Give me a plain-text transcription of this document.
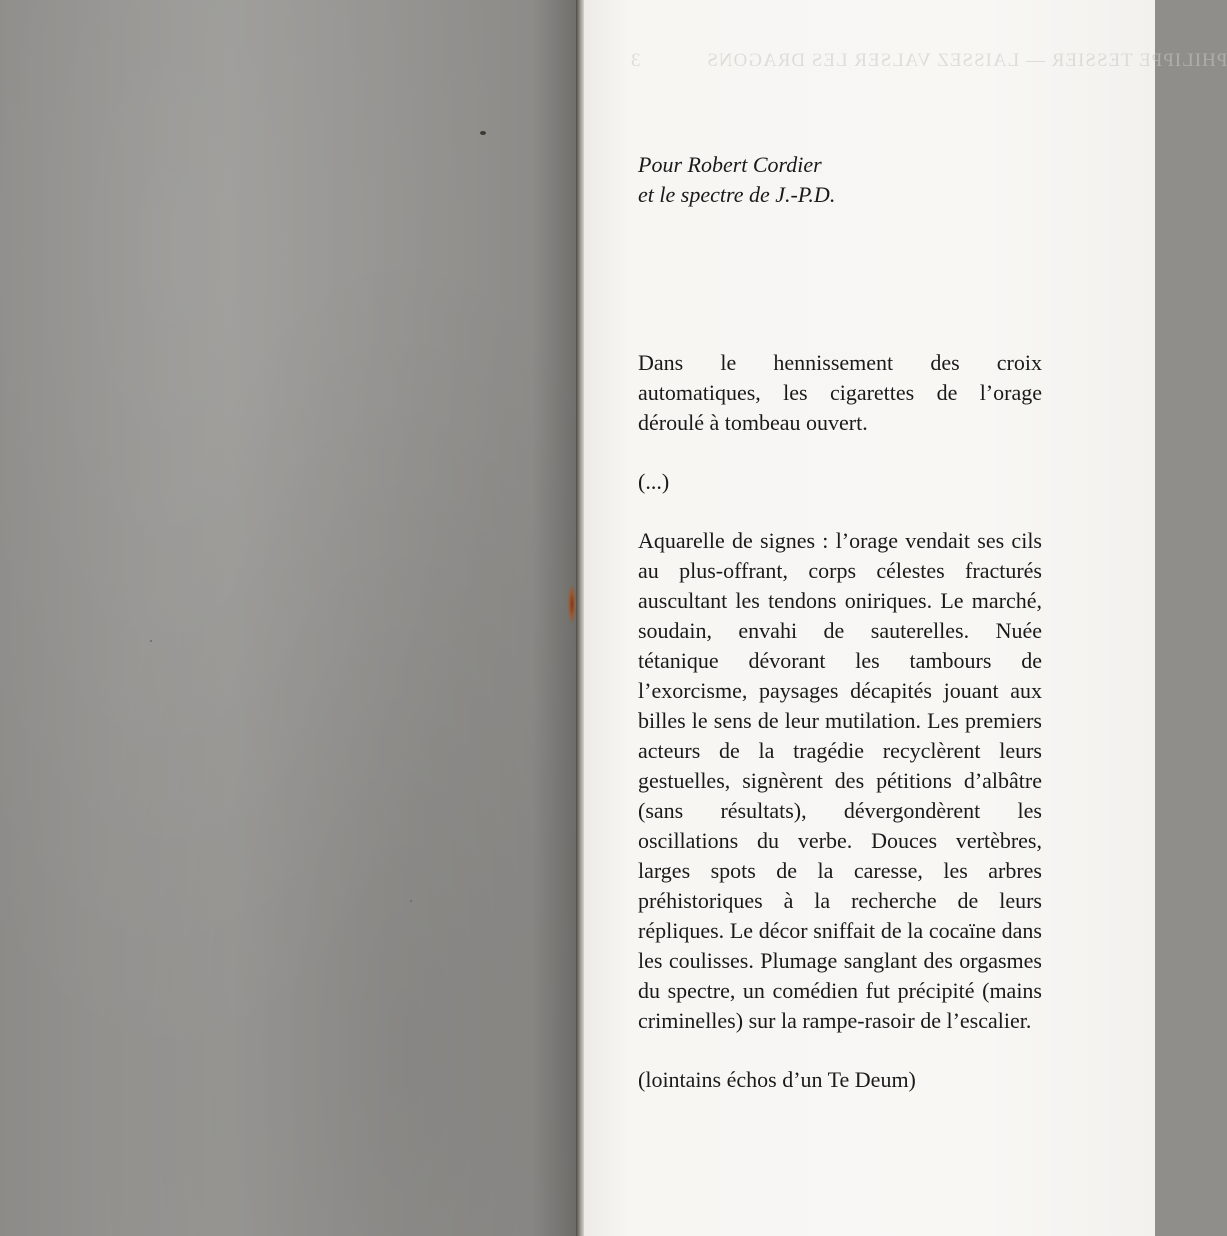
PHILIPPE TESSIER — LAISSEZ VALSER LES DRAGONS 3

Pour Robert Cordier
et le spectre de J.-P.D.

Dans le hennissement des croix automatiques, les cigarettes de l’orage déroulé à tombeau ouvert.

(...)

Aquarelle de signes : l’orage vendait ses cils au plus-offrant, corps célestes fracturés auscultant les tendons oniriques. Le marché, soudain, envahi de sauterelles. Nuée tétanique dévorant les tambours de l’exorcisme, paysages décapités jouant aux billes le sens de leur mutilation. Les premiers acteurs de la tragédie recyclèrent leurs gestuelles, signèrent des pétitions d’albâtre (sans résultats), dévergondèrent les oscillations du verbe. Douces vertèbres, larges spots de la caresse, les arbres préhistoriques à la recherche de leurs répliques. Le décor sniffait de la cocaïne dans les coulisses. Plumage sanglant des orgasmes du spectre, un comédien fut précipité (mains criminelles) sur la rampe-rasoir de l’escalier.

(lointains échos d’un Te Deum)
